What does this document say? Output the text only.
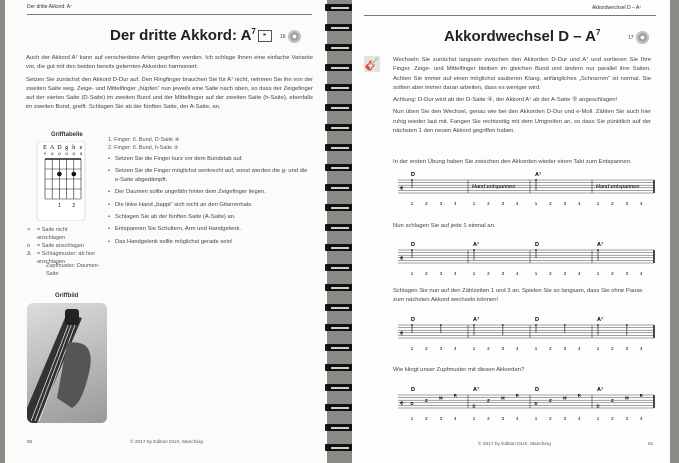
Der dritte Akkord: A⁷
Der dritte Akkord: $A^7$	▸	16

Auch der Akkord A⁷ kann auf verschiedene Arten gegriffen werden. Ich schlage Ihnen eine einfache Variante vor, die gut mit den beiden bereits gelernten Akkorden harmoniert.

Setzen Sie zunächst den Akkord D-Dur auf. Den Ringfinger brauchen Sie für A⁷ nicht, nehmen Sie ihn von der zweiten Saite weg. Zeige- und Mittelfinger „hüpfen“ nun jeweils eine Saite nach oben, so dass der Zeigefinger auf der vierten Saite (D-Saite) im zweiten Bund und der Mittelfinger auf der zweiten Saite (h-Saite), ebenfalls im zweiten Bund, greift. Schlagen Sie ab der fünften Saite, der A-Saite, an.

Grifftabelle
E
×
A
o
D
o
g
o
h
o
e
o
1 2
×	= Saite nicht anschlagen
o	= Saite anschlagen
Δ	= Schlagmuster: ab hier anschlagen
Zupfmuster: Daumen-Saite
1. Finger: II. Bund, D-Saite ④
2. Finger: II. Bund, h-Saite ②
• Setzen Sie die Finger kurz vor dem Bundstab auf.
• Setzen Sie die Finger möglichst senkrecht auf, sonst werden die g- und die e-Saite abgedämpft.
• Der Daumen sollte ungefähr hinter dem Zeigefinger liegen.
• Die linke Hand „bappt“ sich nicht an den Gitarrenhals.
• Schlagen Sie ab der fünften Saite (A-Saite) an.
• Entspannen Sie Schultern, Arm und Handgelenk.
• Das Handgelenk sollte möglichst gerade sein!
Griffbild
50	© 2017 by Edition DUX, Manching
Akkordwechsel D – A⁷
Akkordwechsel D – $A^7$
17
🎸 Wechseln Sie zunächst langsam zwischen den Akkorden D-Dur und A⁷ und sortieren Sie Ihre Finger. Zeige- und Mittelfinger bleiben im gleichen Bund und ändern nur parallel ihre Saiten. Achten Sie immer auf einen möglichst sauberen Klang, anfängliches „Schnarren“ ist normal. Sie sollten aber immer daran arbeiten, dass es weniger wird.

Achtung: D-Dur wird ab der D-Saite ④, der Akkord A⁷ ab der A-Saite ⑤ angeschlagen!

Nun üben Sie den Wechsel, genau wie bei den Akkorden D-Dur und e-Moll. Zählen Sie auch hier ruhig wieder laut mit. Fangen Sie rechtzeitig mit dem Umgreifen an, so dass Sie pünktlich auf der nächsten 1 den neuen Akkord gegriffen haben.

In der ersten Übung haben Sie zwischen den Akkorden wieder einen Takt zum Entspannen.
𝄴
D
1	2	3	4
Hand entspannen
1	2	3	4
A⁷
1	2	3	4
Hand entspannen
1	2	3	4
Nun schlagen Sie auf jede 1 einmal an.
𝄴
D
1	2	3	4
A⁷
1	2	3	4
D
1	2	3	4
A⁷
1	2	3	4
Schlagen Sie nun auf den Zählzeiten 1 und 3 an. Spielen Sie so langsam, dass Sie ohne Pause zum nächsten Akkord wechseln können!
𝄴
D
1	2	3	4
A⁷
1	2	3	4
D
1	2	3	4
A⁷
1	2	3	4
Wie klingt unser Zupfmuster mit diesen Akkorden?
𝄴
D
D
Z
M
R
1	2	3	4
A⁷
D
Z
M
R
1	2	3	4
D
D
Z
M
R
1	2	3	4
A⁷
D
Z
M
R
1	2	3	4
© 2017 by Edition DUX, Manching	51
